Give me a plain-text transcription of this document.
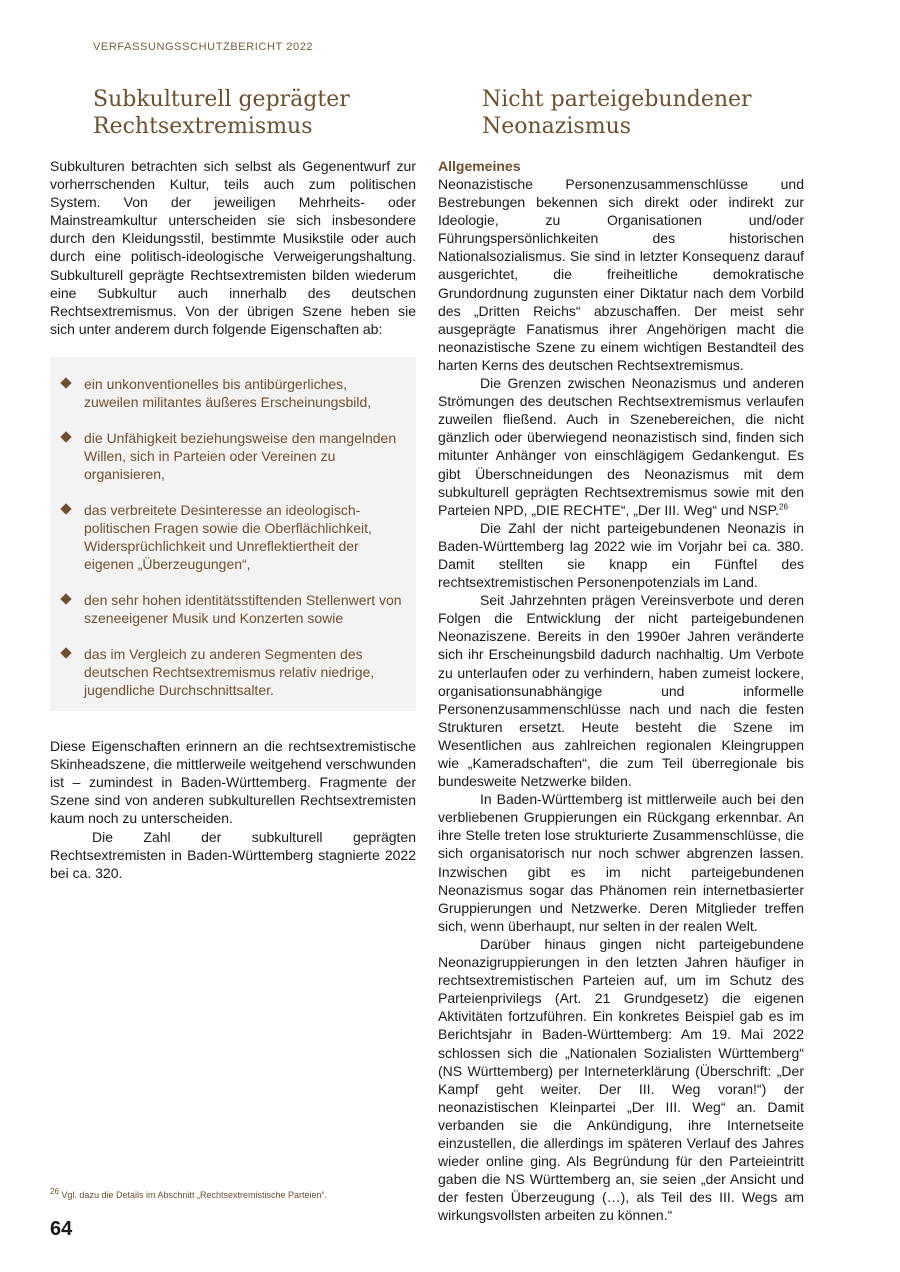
VERFASSUNGSSCHUTZBERICHT 2022
Subkulturell geprägter
Rechtsextremismus
Nicht parteigebundener
Neonazismus

Subkulturen betrachten sich selbst als Gegenentwurf zur vorherrschenden Kultur, teils auch zum politischen System. Von der jeweiligen Mehrheits- oder Mainstreamkultur unterscheiden sie sich insbesondere durch den Kleidungsstil, bestimmte Musikstile oder auch durch eine politisch-ideologische Verweigerungshaltung. Subkulturell geprägte Rechtsextremisten bilden wiederum eine Subkultur auch innerhalb des deutschen Rechtsextremismus. Von der übrigen Szene heben sie sich unter anderem durch folgende Eigenschaften ab:

ein unkonventionelles bis antibürgerliches, zuweilen militantes äußeres Erscheinungsbild,
die Unfähigkeit beziehungsweise den mangelnden Willen, sich in Parteien oder Vereinen zu organisieren,
das verbreitete Desinteresse an ideologisch-politischen Fragen sowie die Oberflächlichkeit, Widersprüchlichkeit und Unreflektiertheit der eigenen „Überzeugungen“,
den sehr hohen identitätsstiftenden Stellenwert von szeneeigener Musik und Konzerten sowie
das im Vergleich zu anderen Segmenten des deutschen Rechtsextremismus relativ niedrige, jugendliche Durchschnittsalter.

Diese Eigenschaften erinnern an die rechtsextremistische Skinheadszene, die mittlerweile weitgehend verschwunden ist – zumindest in Baden-Württemberg. Fragmente der Szene sind von anderen subkulturellen Rechtsextremisten kaum noch zu unterscheiden.

Die Zahl der subkulturell geprägten Rechtsextremisten in Baden-Württemberg stagnierte 2022 bei ca. 320.

Allgemeines

Neonazistische Personenzusammenschlüsse und Bestrebungen bekennen sich direkt oder indirekt zur Ideologie, zu Organisationen und/oder Führungspersönlichkeiten des historischen Nationalsozialismus. Sie sind in letzter Konsequenz darauf ausgerichtet, die freiheitliche demokratische Grundordnung zugunsten einer Diktatur nach dem Vorbild des „Dritten Reichs“ abzuschaffen. Der meist sehr ausgeprägte Fanatismus ihrer Angehörigen macht die neonazistische Szene zu einem wichtigen Bestandteil des harten Kerns des deutschen Rechtsextremismus.

Die Grenzen zwischen Neonazismus und anderen Strömungen des deutschen Rechtsextremismus verlaufen zuweilen fließend. Auch in Szenebereichen, die nicht gänzlich oder überwiegend neonazistisch sind, finden sich mitunter Anhänger von einschlägigem Gedankengut. Es gibt Überschneidungen des Neonazismus mit dem subkulturell geprägten Rechtsextremismus sowie mit den Parteien NPD, „DIE RECHTE“, „Der III. Weg“ und NSP.$^{26}$

Die Zahl der nicht parteigebundenen Neonazis in Baden-Württemberg lag 2022 wie im Vorjahr bei ca. 380. Damit stellten sie knapp ein Fünftel des rechtsextremistischen Personenpotenzials im Land.

Seit Jahrzehnten prägen Vereinsverbote und deren Folgen die Entwicklung der nicht parteigebundenen Neonaziszene. Bereits in den 1990er Jahren veränderte sich ihr Erscheinungsbild dadurch nachhaltig. Um Verbote zu unterlaufen oder zu verhindern, haben zumeist lockere, organisationsunabhängige und informelle Personenzusammenschlüsse nach und nach die festen Strukturen ersetzt. Heute besteht die Szene im Wesentlichen aus zahlreichen regionalen Kleingruppen wie „Kameradschaften“, die zum Teil überregionale bis bundesweite Netzwerke bilden.

In Baden-Württemberg ist mittlerweile auch bei den verbliebenen Gruppierungen ein Rückgang erkennbar. An ihre Stelle treten lose strukturierte Zusammenschlüsse, die sich organisatorisch nur noch schwer abgrenzen lassen. Inzwischen gibt es im nicht parteigebundenen Neonazismus sogar das Phänomen rein internetbasierter Gruppierungen und Netzwerke. Deren Mitglieder treffen sich, wenn überhaupt, nur selten in der realen Welt.

Darüber hinaus gingen nicht parteigebundene Neonazigruppierungen in den letzten Jahren häufiger in rechtsextremistischen Parteien auf, um im Schutz des Parteienprivilegs (Art. 21 Grundgesetz) die eigenen Aktivitäten fortzuführen. Ein konkretes Beispiel gab es im Berichtsjahr in Baden-Württemberg: Am 19. Mai 2022 schlossen sich die „Nationalen Sozialisten Württemberg“ (NS Württemberg) per Interneterklärung (Überschrift: „Der Kampf geht weiter. Der III. Weg voran!“) der neonazistischen Kleinpartei „Der III. Weg“ an. Damit verbanden sie die Ankündigung, ihre Internetseite einzustellen, die allerdings im späteren Verlauf des Jahres wieder online ging. Als Begründung für den Parteieintritt gaben die NS Württemberg an, sie seien „der Ansicht und der festen Überzeugung (…), als Teil des III. Wegs am wirkungsvollsten arbeiten zu können.“

$^{26}$ Vgl. dazu die Details im Abschnitt „Rechtsextremistische Parteien“.
64
